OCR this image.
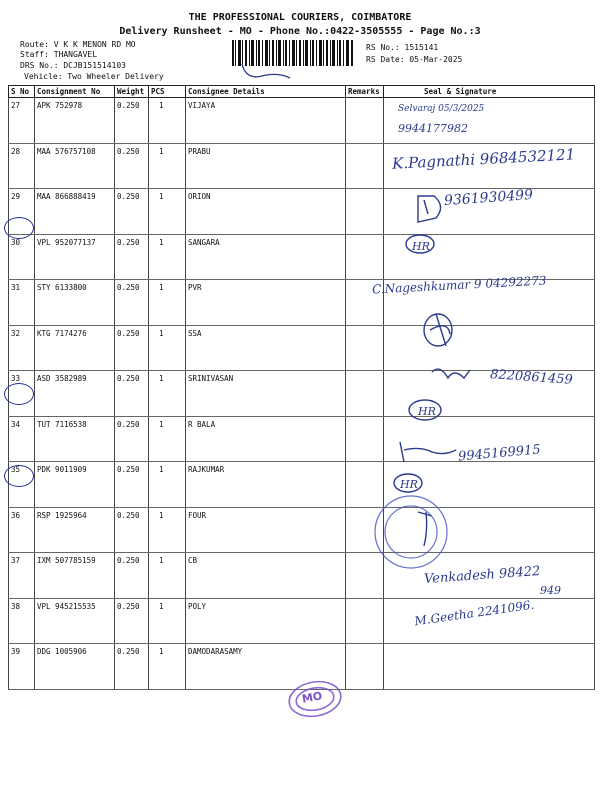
THE PROFESSIONAL COURIERS, COIMBATORE
Delivery Runsheet - MO - Phone No.:0422-3505555 - Page No.:3
Route: V K K MENON RD MO
Staff: THANGAVEL
DRS No.: DCJB151514103
Vehicle: Two Wheeler Delivery
RS No.: 1515141
RS Date: 05-Mar-2025
S No	Consignment No	Weight	PCS	Consignee Details	Remarks	Seal & Signature
27	APK 752978	0.250	1	VIJAYA		
28	MAA 576757108	0.250	1	PRABU		
29	MAA 866888419	0.250	1	ORION		
30	VPL 952077137	0.250	1	SANGARA		
31	STY 6133800	0.250	1	PVR		
32	KTG 7174276	0.250	1	SSA		
33	ASD 3582989	0.250	1	SRINIVASAN		
34	TUT 7116538	0.250	1	R BALA		
35	PDK 9011909	0.250	1	RAJKUMAR		
36	RSP 1925964	0.250	1	FOUR		
37	IXM 507785159	0.250	1	CB		
38	VPL 945215535	0.250	1	POLY		
39	DDG 1005906	0.250	1	DAMODARASAMY		
Selvaraj 05/3/2025
9944177982
K.Pagnathi 9684532121
9361930499
HR
C.Nageshkumar 9 04292273
8220861459
HR
9945169915
HR
Venkadesh 98422
949
M.Geetha 2241096.
MO
